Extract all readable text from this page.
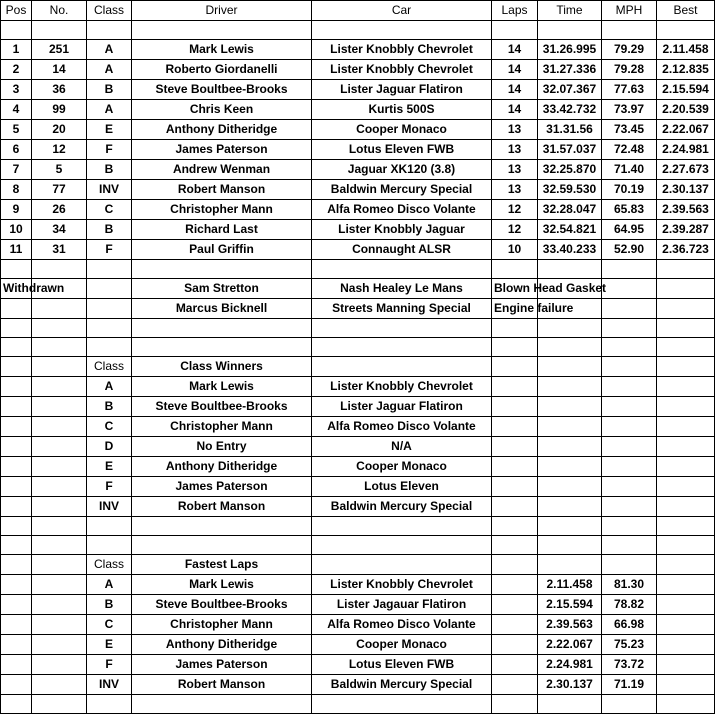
Pos	No.	Class	Driver	Car	Laps	Time	MPH	Best

1	251	A	Mark Lewis	Lister Knobbly Chevrolet	14	31.26.995	79.29	2.11.458
2	14	A	Roberto Giordanelli	Lister Knobbly Chevrolet	14	31.27.336	79.28	2.12.835
3	36	B	Steve Boultbee-Brooks	Lister Jaguar Flatiron	14	32.07.367	77.63	2.15.594
4	99	A	Chris Keen	Kurtis 500S	14	33.42.732	73.97	2.20.539
5	20	E	Anthony Ditheridge	Cooper Monaco	13	31.31.56	73.45	2.22.067
6	12	F	James Paterson	Lotus Eleven FWB	13	31.57.037	72.48	2.24.981
7	5	B	Andrew Wenman	Jaguar XK120 (3.8)	13	32.25.870	71.40	2.27.673
8	77	INV	Robert Manson	Baldwin Mercury Special	13	32.59.530	70.19	2.30.137
9	26	C	Christopher Mann	Alfa Romeo Disco Volante	12	32.28.047	65.83	2.39.563
10	34	B	Richard Last	Lister Knobbly Jaguar	12	32.54.821	64.95	2.39.287
11	31	F	Paul Griffin	Connaught ALSR	10	33.40.233	52.90	2.36.723

Withdrawn			Sam Stretton	Nash Healey Le Mans	Blown Head Gasket			
			Marcus Bicknell	Streets Manning Special	Engine failure			

		Class	Class Winners					
		A	Mark Lewis	Lister Knobbly Chevrolet				
		B	Steve Boultbee-Brooks	Lister Jaguar Flatiron				
		C	Christopher Mann	Alfa Romeo Disco Volante				
		D	No Entry	N/A				
		E	Anthony Ditheridge	Cooper Monaco				
		F	James Paterson	Lotus Eleven				
		INV	Robert Manson	Baldwin Mercury Special				

		Class	Fastest Laps					
		A	Mark Lewis	Lister Knobbly Chevrolet		2.11.458	81.30	
		B	Steve Boultbee-Brooks	Lister Jagauar Flatiron		2.15.594	78.82	
		C	Christopher Mann	Alfa Romeo Disco Volante		2.39.563	66.98	
		E	Anthony Ditheridge	Cooper Monaco		2.22.067	75.23	
		F	James Paterson	Lotus Eleven FWB		2.24.981	73.72	
		INV	Robert Manson	Baldwin Mercury Special		2.30.137	71.19	
